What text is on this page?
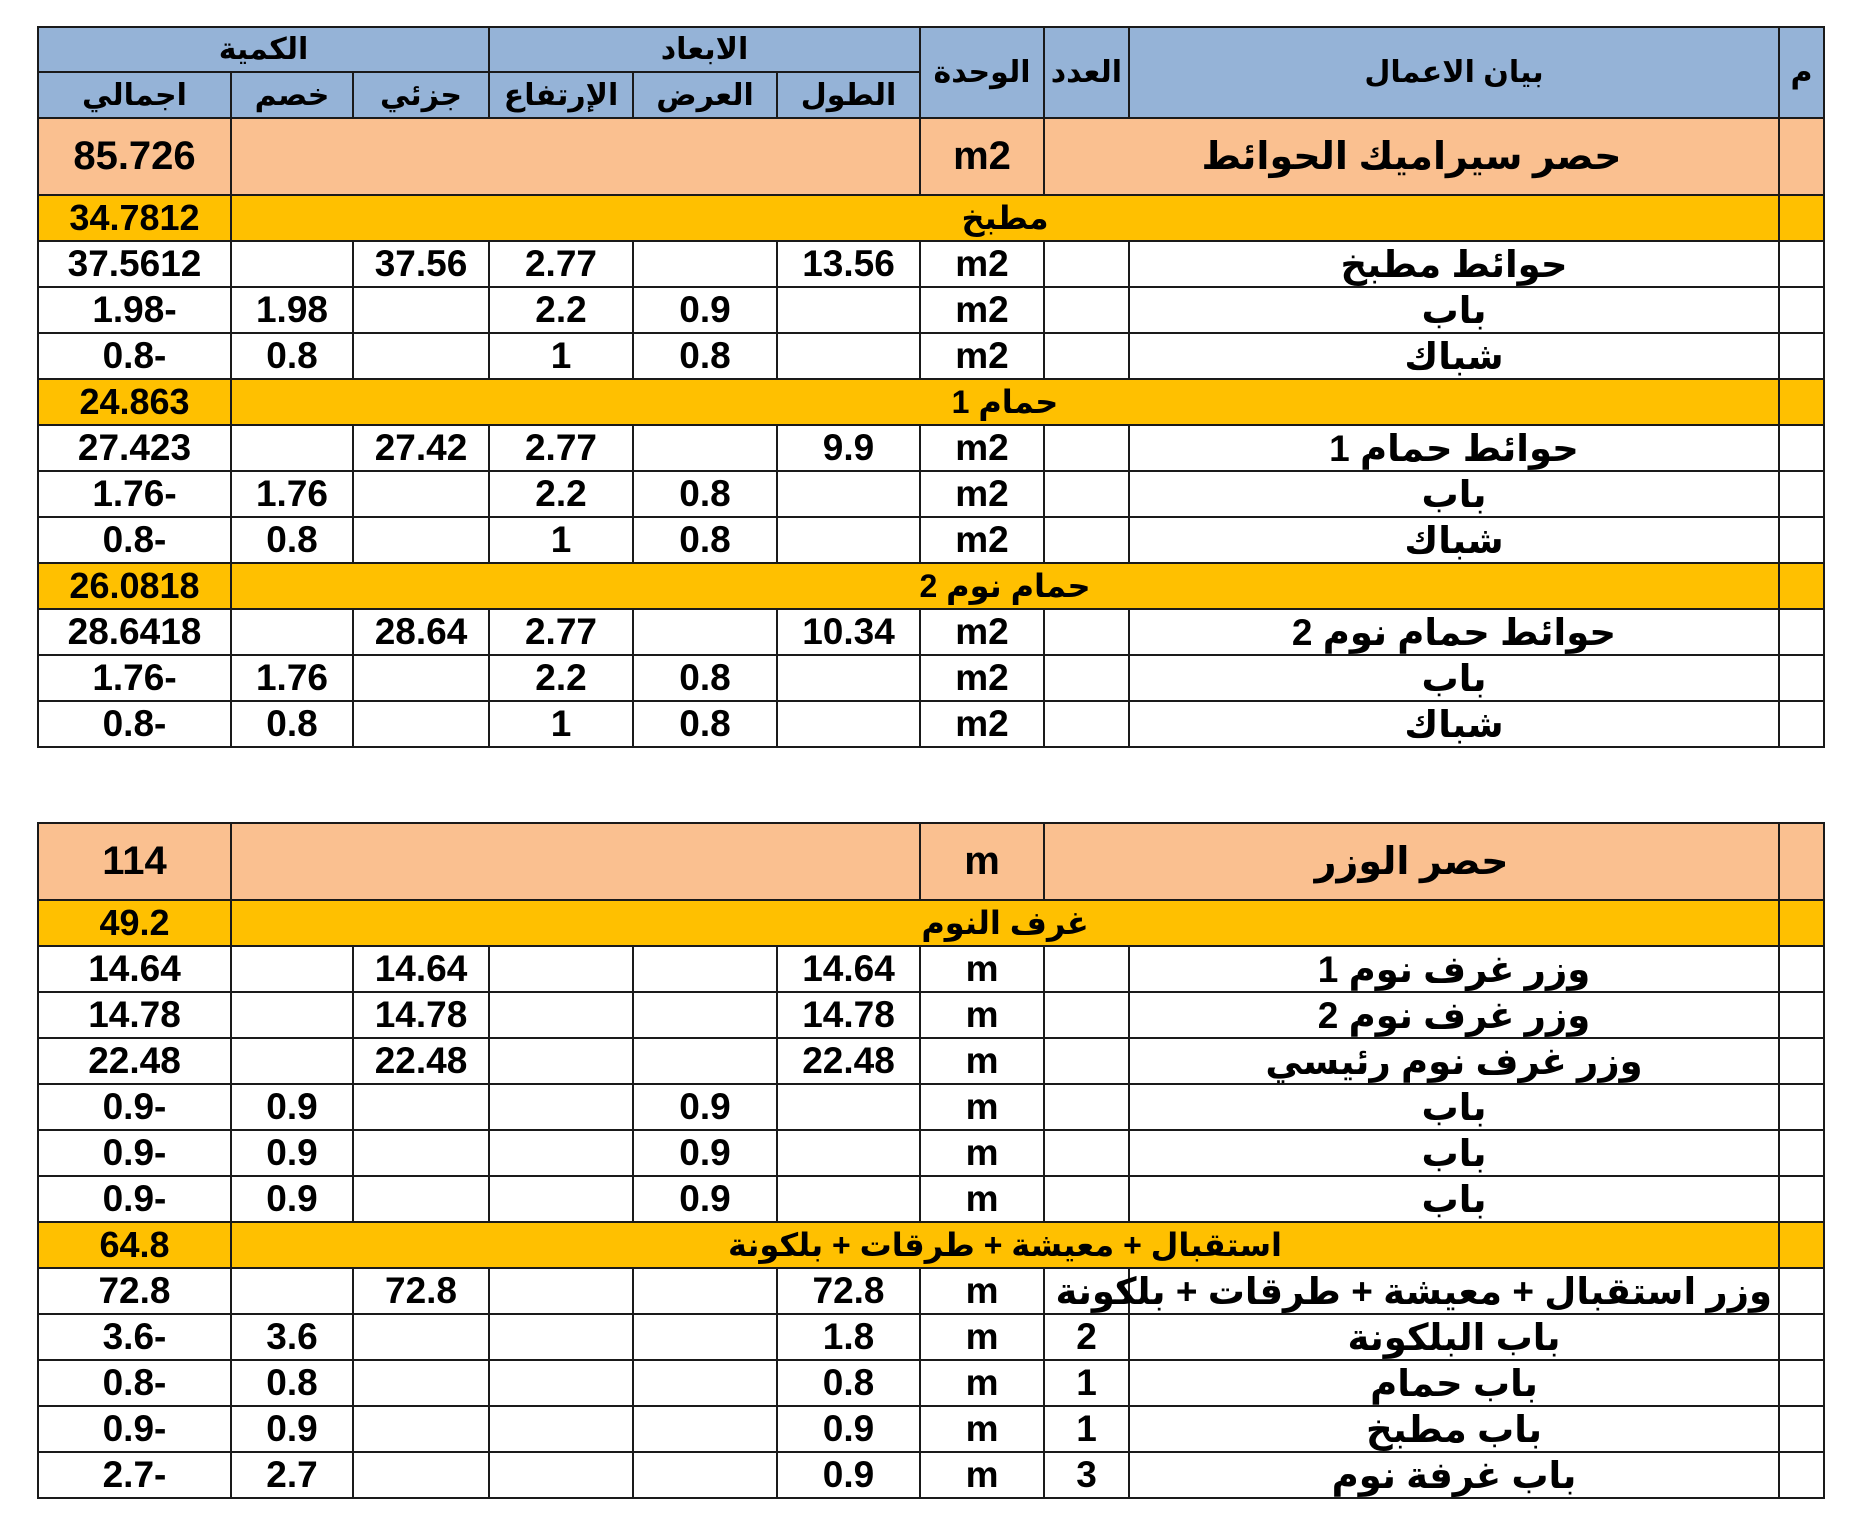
م	بيان الاعمال	العدد	الوحدة	الابعاد			الكمية		
				الطول	العرض	الإرتفاع	جزئي	خصم	اجمالي
	حصر سيراميك الحوائط		m2						85.726
	مطبخ								34.7812
	حوائط مطبخ		m2	13.56		2.77	37.56		37.5612
	باب		m2		0.9	2.2		1.98	-1.98
	شباك		m2		0.8	1		0.8	-0.8
	حمام 1								24.863
	حوائط حمام 1		m2	9.9		2.77	27.42		27.423
	باب		m2		0.8	2.2		1.76	-1.76
	شباك		m2		0.8	1		0.8	-0.8
	حمام نوم 2								26.0818
	حوائط حمام نوم 2		m2	10.34		2.77	28.64		28.6418
	باب		m2		0.8	2.2		1.76	-1.76
	شباك		m2		0.8	1		0.8	-0.8
	حصر الوزر		m						114
	غرف النوم								49.2
	وزر غرف نوم 1		m	14.64			14.64		14.64
	وزر غرف نوم 2		m	14.78			14.78		14.78
	وزر غرف نوم رئيسي		m	22.48			22.48		22.48
	باب		m		0.9			0.9	-0.9
	باب		m		0.9			0.9	-0.9
	باب		m		0.9			0.9	-0.9
	استقبال + معيشة + طرقات + بلكونة								64.8
	وزر استقبال + معيشة + طرقات + بلكونة		m	72.8			72.8		72.8
	باب البلكونة	2	m	1.8				3.6	-3.6
	باب حمام	1	m	0.8				0.8	-0.8
	باب مطبخ	1	m	0.9				0.9	-0.9
	باب غرفة نوم	3	m	0.9				2.7	-2.7
